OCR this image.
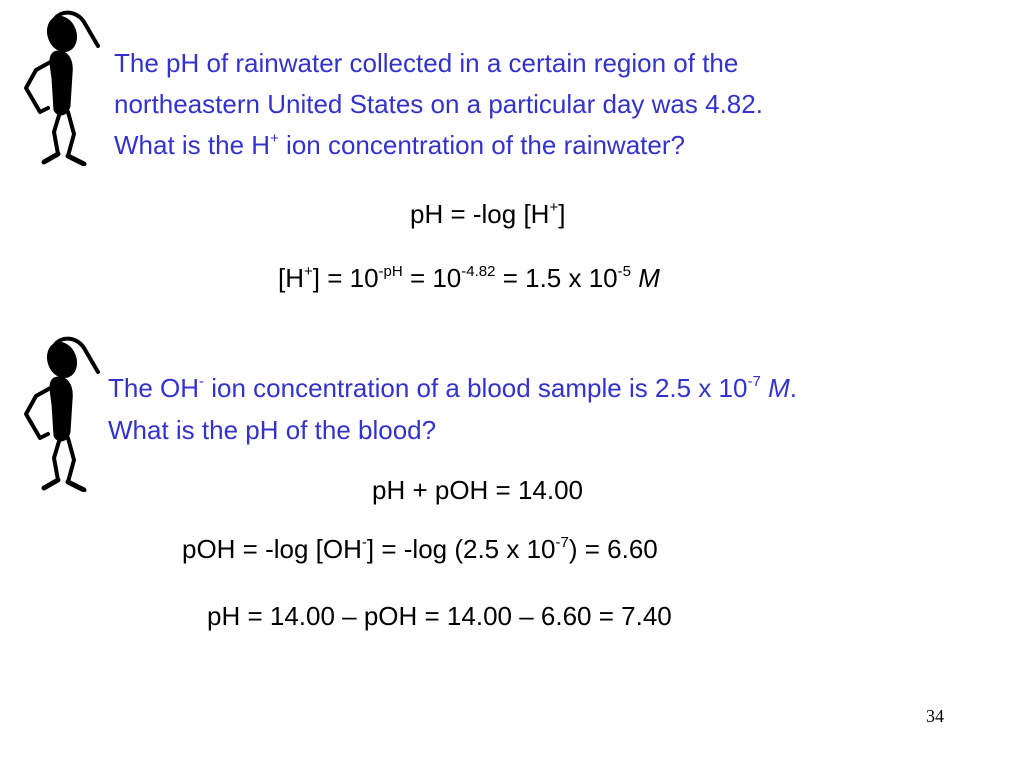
The pH of rainwater collected in a certain region of the

northeastern United States on a particular day was 4.82.

What is the H+ ion concentration of the rainwater?

pH = -log [H+]

$[H^+] = 10^{-pH} = 10^{-4.82} = 1.5$ x $10^{-5}$ M

The OH- ion concentration of a blood sample is 2.5 x $10^{-7}$ M.

What is the pH of the blood?

pH + pOH = 14.00

pOH = -log [OH-] = -log (2.5 x $10^{-7}) = 6.60$

pH = 14.00 – pOH = 14.00 – 6.60 = 7.40

34
